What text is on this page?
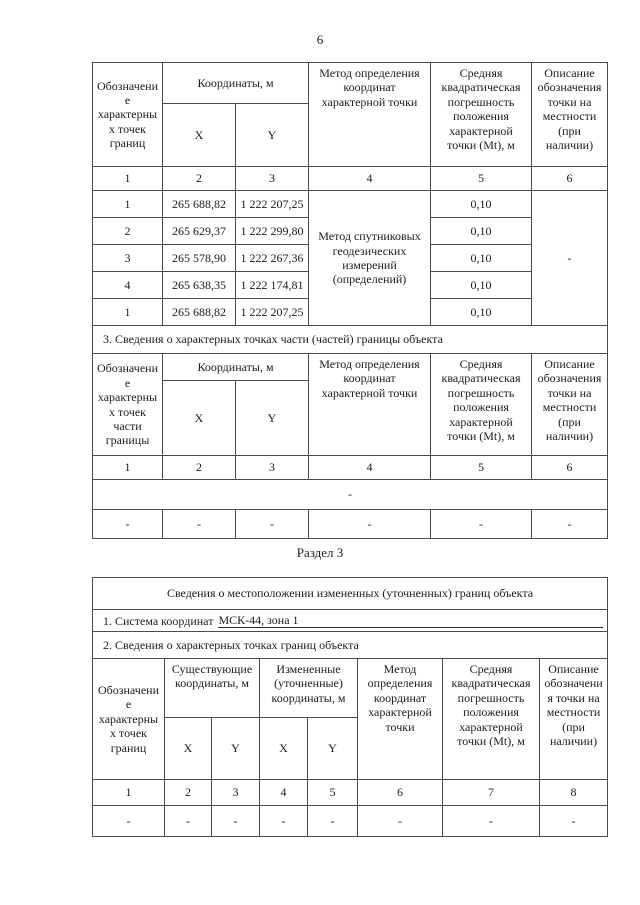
6
Обозначение характерных точек границ	Координаты, м		Метод определения координат характерной точки	Средняя квадратическая погрешность положения характерной точки (Mt), м	Описание обозначения точки на местности (при наличии)
	X	Y			
1	2	3	4	5	6
1	265 688,82	1 222 207,25	Метод спутниковых геодезических измерений (определений)	0,10	-
2	265 629,37	1 222 299,80		0,10	
3	265 578,90	1 222 267,36		0,10	
4	265 638,35	1 222 174,81		0,10	
1	265 688,82	1 222 207,25		0,10	
3. Сведения о характерных точках части (частей) границы объекта					
Обозначение характерных точек части границы	Координаты, м		Метод определения координат характерной точки	Средняя квадратическая погрешность положения характерной точки (Mt), м	Описание обозначения точки на местности (при наличии)
	X	Y			
1	2	3	4	5	6
-					
-	-	-	-	-	-
Раздел 3
Сведения о местоположении измененных (уточненных) границ объекта							

1. Система координат МСК-44, зона 1							

2. Сведения о характерных точках границ объекта							
Обозначение характерных точек границ	Существующие координаты, м		Измененные (уточненные) координаты, м		Метод определения координат характерной точки	Средняя квадратическая погрешность положения характерной точки (Mt), м	Описание обозначения точки на местности (при наличии)
	X	Y	X	Y			
1	2	3	4	5	6	7	8
-	-	-	-	-	-	-	-
